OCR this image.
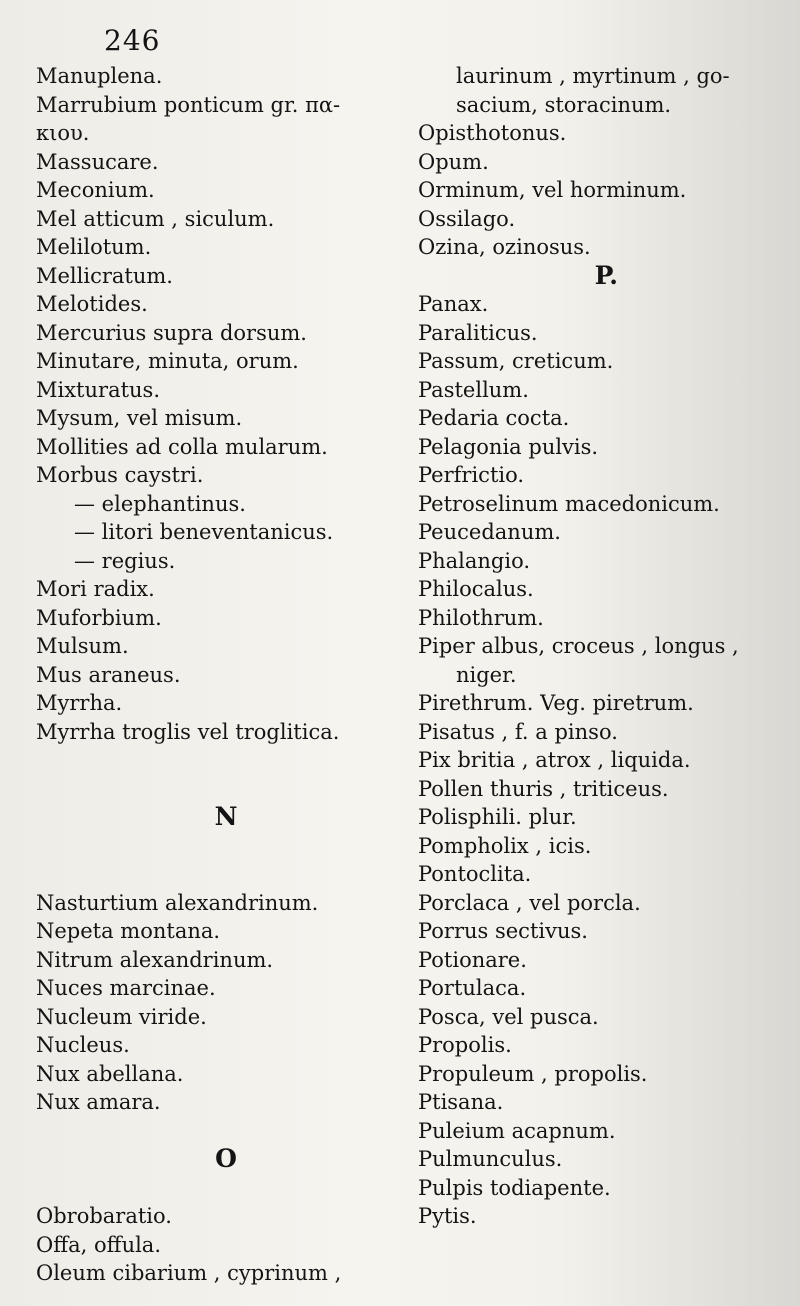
246
Manuplena.
Marrubium ponticum gr. πα-
κιου.
Massucare.
Meconium.
Mel atticum , siculum.
Melilotum.
Mellicratum.
Melotides.
Mercurius supra dorsum.
Minutare, minuta, orum.
Mixturatus.
Mysum, vel misum.
Mollities ad colla mularum.
Morbus caystri.
— elephantinus.
— litori beneventanicus.
— regius.
Mori radix.
Muforbium.
Mulsum.
Mus araneus.
Myrrha.
Myrrha troglis vel troglitica.
N
Nasturtium alexandrinum.
Nepeta montana.
Nitrum alexandrinum.
Nuces marcinae.
Nucleum viride.
Nucleus.
Nux abellana.
Nux amara.
O
Obrobaratio.
Offa, offula.
Oleum cibarium , cyprinum ,
laurinum , myrtinum , go-
sacium, storacinum.
Opisthotonus.
Opum.
Orminum, vel horminum.
Ossilago.
Ozina, ozinosus.
P.
Panax.
Paraliticus.
Passum, creticum.
Pastellum.
Pedaria cocta.
Pelagonia pulvis.
Perfrictio.
Petroselinum macedonicum.
Peucedanum.
Phalangio.
Philocalus.
Philothrum.
Piper albus, croceus , longus ,
niger.
Pirethrum. Veg. piretrum.
Pisatus , f. a pinso.
Pix britia , atrox , liquida.
Pollen thuris , triticeus.
Polisphili. plur.
Pompholix , icis.
Pontoclita.
Porclaca , vel porcla.
Porrus sectivus.
Potionare.
Portulaca.
Posca, vel pusca.
Propolis.
Propuleum , propolis.
Ptisana.
Puleium acapnum.
Pulmunculus.
Pulpis todiapente.
Pytis.
